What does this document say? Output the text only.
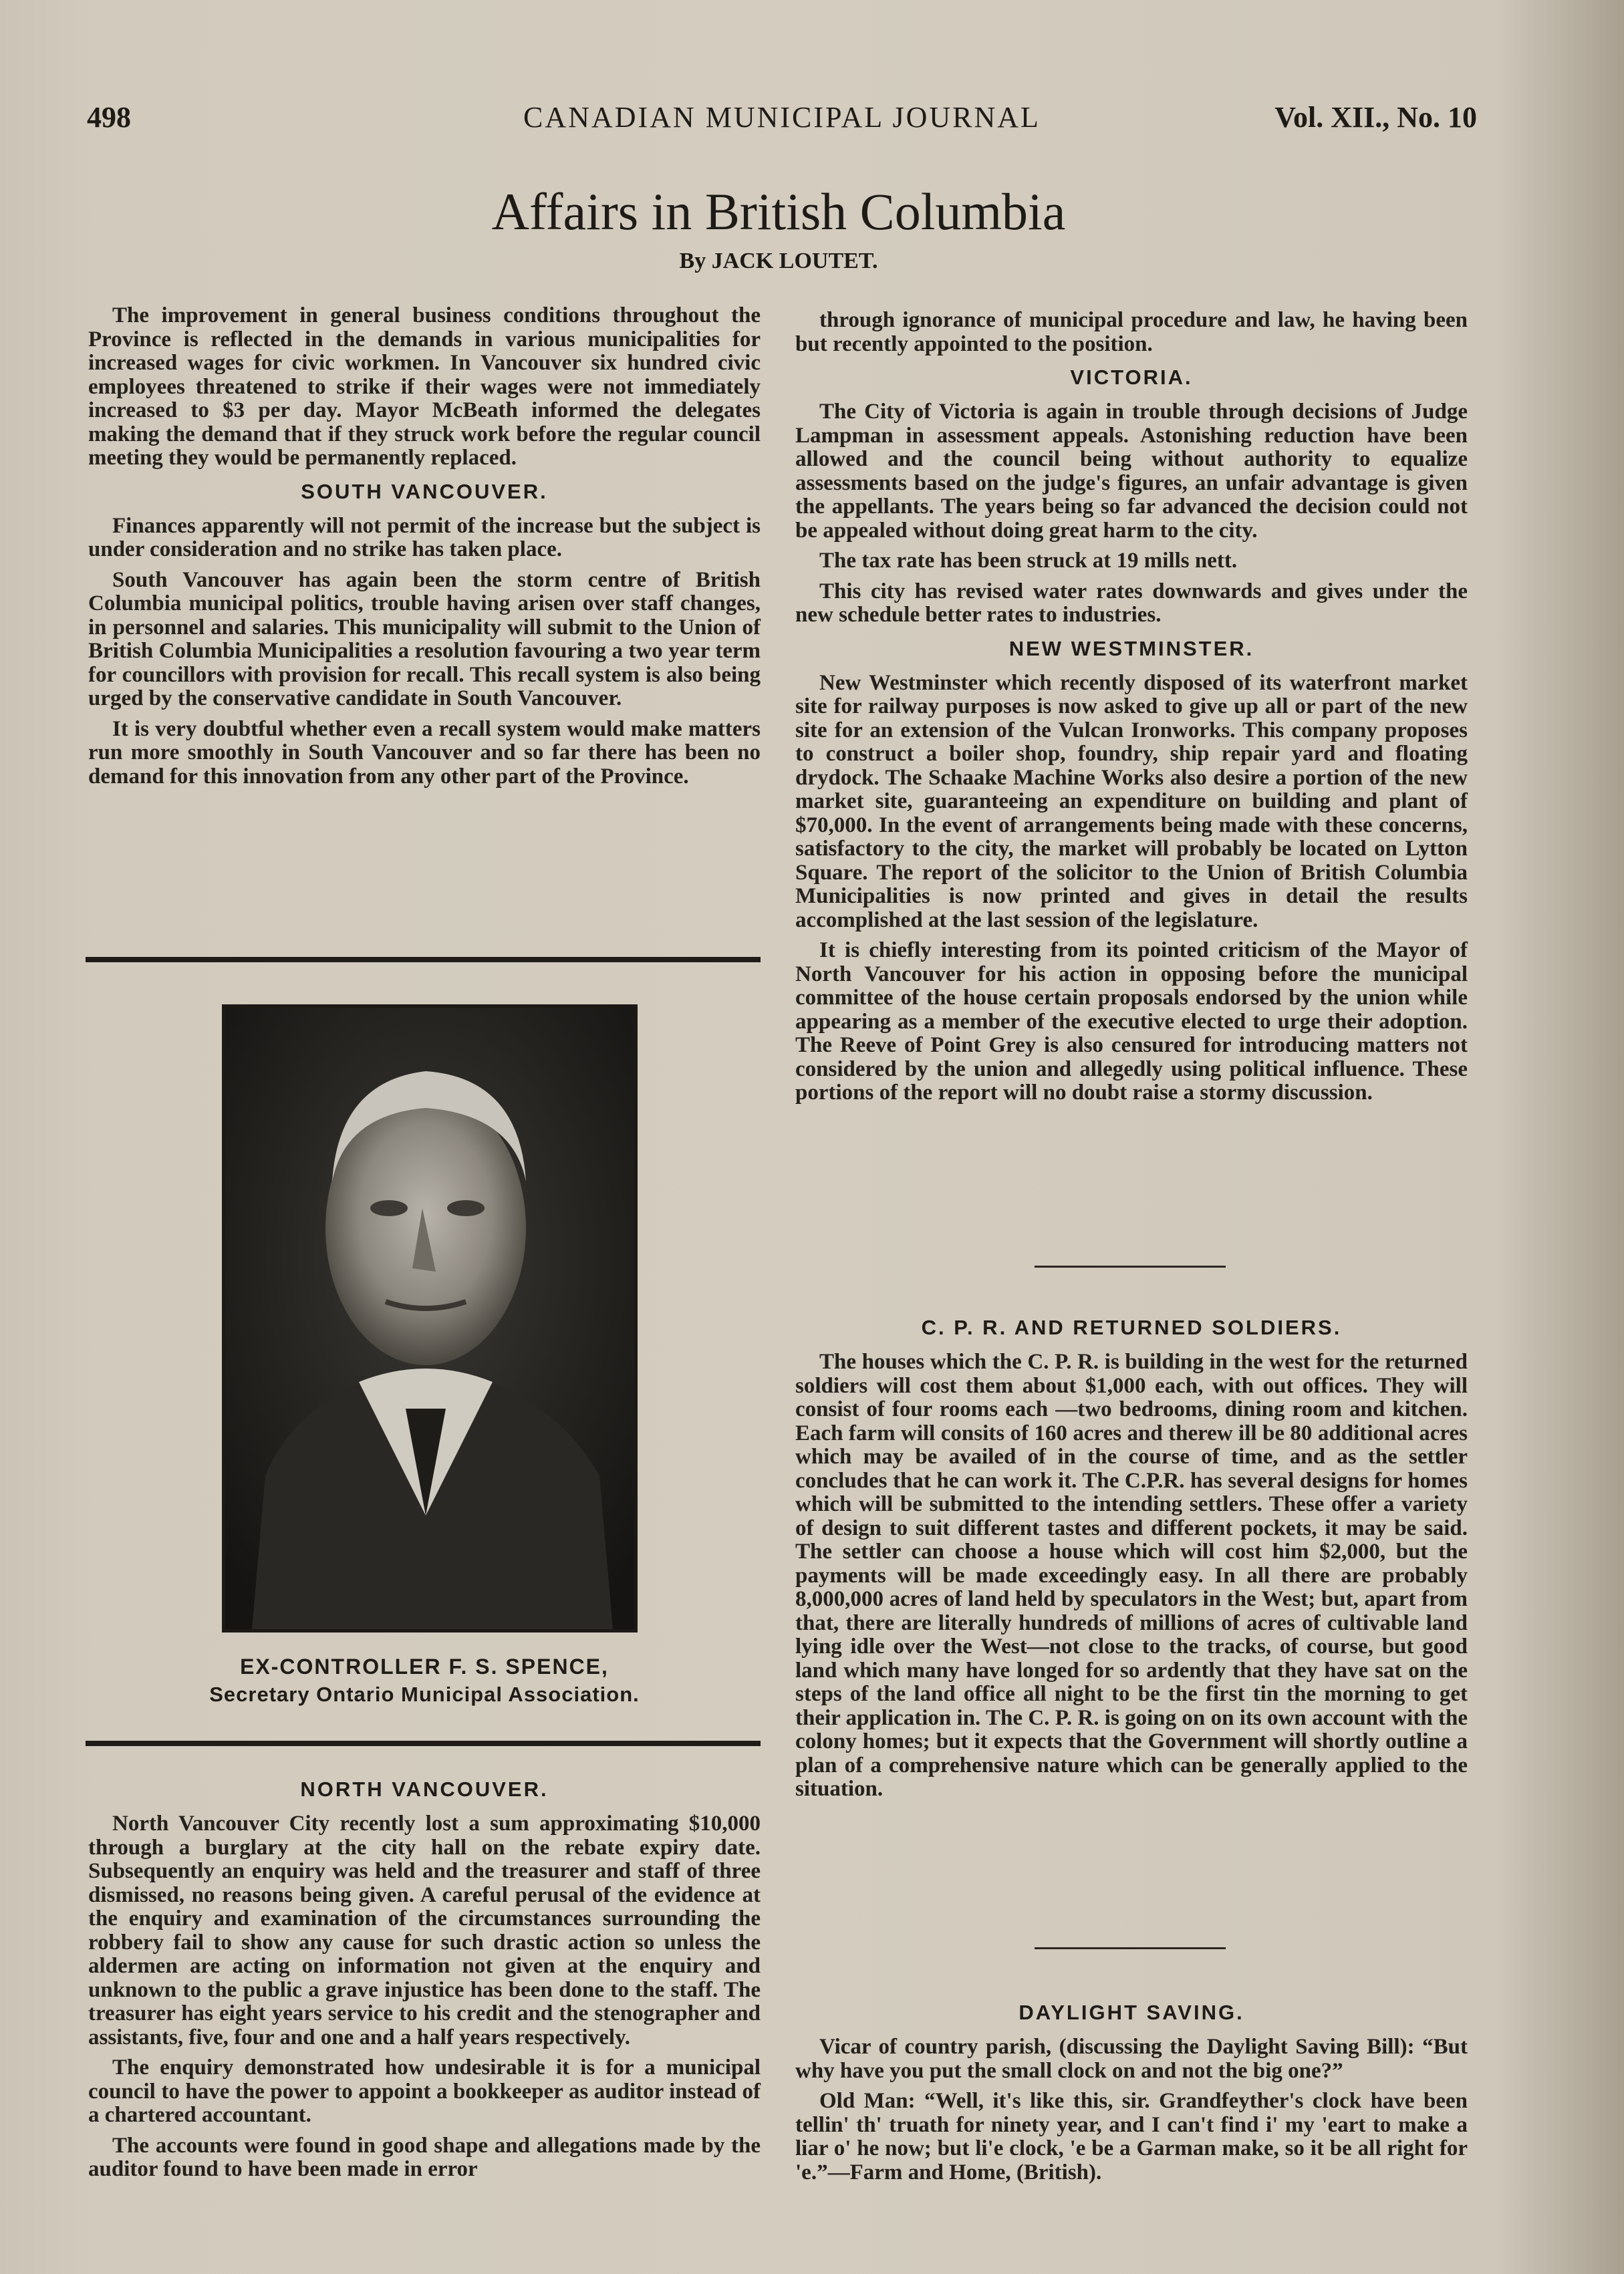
498	CANADIAN MUNICIPAL JOURNAL	Vol. XII., No. 10
Affairs in British Columbia
By JACK LOUTET.

The improvement in general business conditions throughout the Province is reflected in the demands in various municipalities for increased wages for civic workmen. In Vancouver six hundred civic employees threatened to strike if their wages were not immediately increased to $3 per day. Mayor McBeath informed the delegates making the demand that if they struck work before the regular council meeting they would be permanently replaced.

SOUTH VANCOUVER.

Finances apparently will not permit of the increase but the subject is under consideration and no strike has taken place.

South Vancouver has again been the storm centre of British Columbia municipal politics, trouble having arisen over staff changes, in personnel and salaries. This municipality will submit to the Union of British Columbia Municipalities a resolution favouring a two year term for councillors with provision for recall. This recall system is also being urged by the conservative candidate in South Vancouver.

It is very doubtful whether even a recall system would make matters run more smoothly in South Vancouver and so far there has been no demand for this innovation from any other part of the Province.

EX-CONTROLLER F. S. SPENCE,
Secretary Ontario Municipal Association.
NORTH VANCOUVER.

North Vancouver City recently lost a sum approximating $10,000 through a burglary at the city hall on the rebate expiry date. Subsequently an enquiry was held and the treasurer and staff of three dismissed, no reasons being given. A careful perusal of the evidence at the enquiry and examination of the circumstances surrounding the robbery fail to show any cause for such drastic action so unless the aldermen are acting on information not given at the enquiry and unknown to the public a grave injustice has been done to the staff. The treasurer has eight years service to his credit and the stenographer and assistants, five, four and one and a half years respectively.

The enquiry demonstrated how undesirable it is for a municipal council to have the power to appoint a bookkeeper as auditor instead of a chartered accountant.

The accounts were found in good shape and allegations made by the auditor found to have been made in error

through ignorance of municipal procedure and law, he having been but recently appointed to the position.

VICTORIA.

The City of Victoria is again in trouble through decisions of Judge Lampman in assessment appeals. Astonishing reduction have been allowed and the council being without authority to equalize assessments based on the judge's figures, an unfair advantage is given the appellants. The years being so far advanced the decision could not be appealed without doing great harm to the city.

The tax rate has been struck at 19 mills nett.

This city has revised water rates downwards and gives under the new schedule better rates to industries.

NEW WESTMINSTER.

New Westminster which recently disposed of its waterfront market site for railway purposes is now asked to give up all or part of the new site for an extension of the Vulcan Ironworks. This company proposes to construct a boiler shop, foundry, ship repair yard and floating drydock. The Schaake Machine Works also desire a portion of the new market site, guaranteeing an expenditure on building and plant of $70,000. In the event of arrangements being made with these concerns, satisfactory to the city, the market will probably be located on Lytton Square. The report of the solicitor to the Union of British Columbia Municipalities is now printed and gives in detail the results accomplished at the last session of the legislature.

It is chiefly interesting from its pointed criticism of the Mayor of North Vancouver for his action in opposing before the municipal committee of the house certain proposals endorsed by the union while appearing as a member of the executive elected to urge their adoption. The Reeve of Point Grey is also censured for introducing matters not considered by the union and allegedly using political influence. These portions of the report will no doubt raise a stormy discussion.

C. P. R. AND RETURNED SOLDIERS.

The houses which the C. P. R. is building in the west for the returned soldiers will cost them about $1,000 each, with out offices. They will consist of four rooms each —two bedrooms, dining room and kitchen. Each farm will consits of 160 acres and therew ill be 80 additional acres which may be availed of in the course of time, and as the settler concludes that he can work it. The C.P.R. has several designs for homes which will be submitted to the intending settlers. These offer a variety of design to suit different tastes and different pockets, it may be said. The settler can choose a house which will cost him $2,000, but the payments will be made exceedingly easy. In all there are probably 8,000,000 acres of land held by speculators in the West; but, apart from that, there are literally hundreds of millions of acres of cultivable land lying idle over the West—not close to the tracks, of course, but good land which many have longed for so ardently that they have sat on the steps of the land office all night to be the first tin the morning to get their application in. The C. P. R. is going on on its own account with the colony homes; but it expects that the Government will shortly outline a plan of a comprehensive nature which can be generally applied to the situation.

DAYLIGHT SAVING.

Vicar of country parish, (discussing the Daylight Saving Bill): “But why have you put the small clock on and not the big one?”

Old Man: “Well, it's like this, sir. Grandfeyther's clock have been tellin' th' truath for ninety year, and I can't find i' my 'eart to make a liar o' he now; but li'e clock, 'e be a Garman make, so it be all right for 'e.”—Farm and Home, (British).
